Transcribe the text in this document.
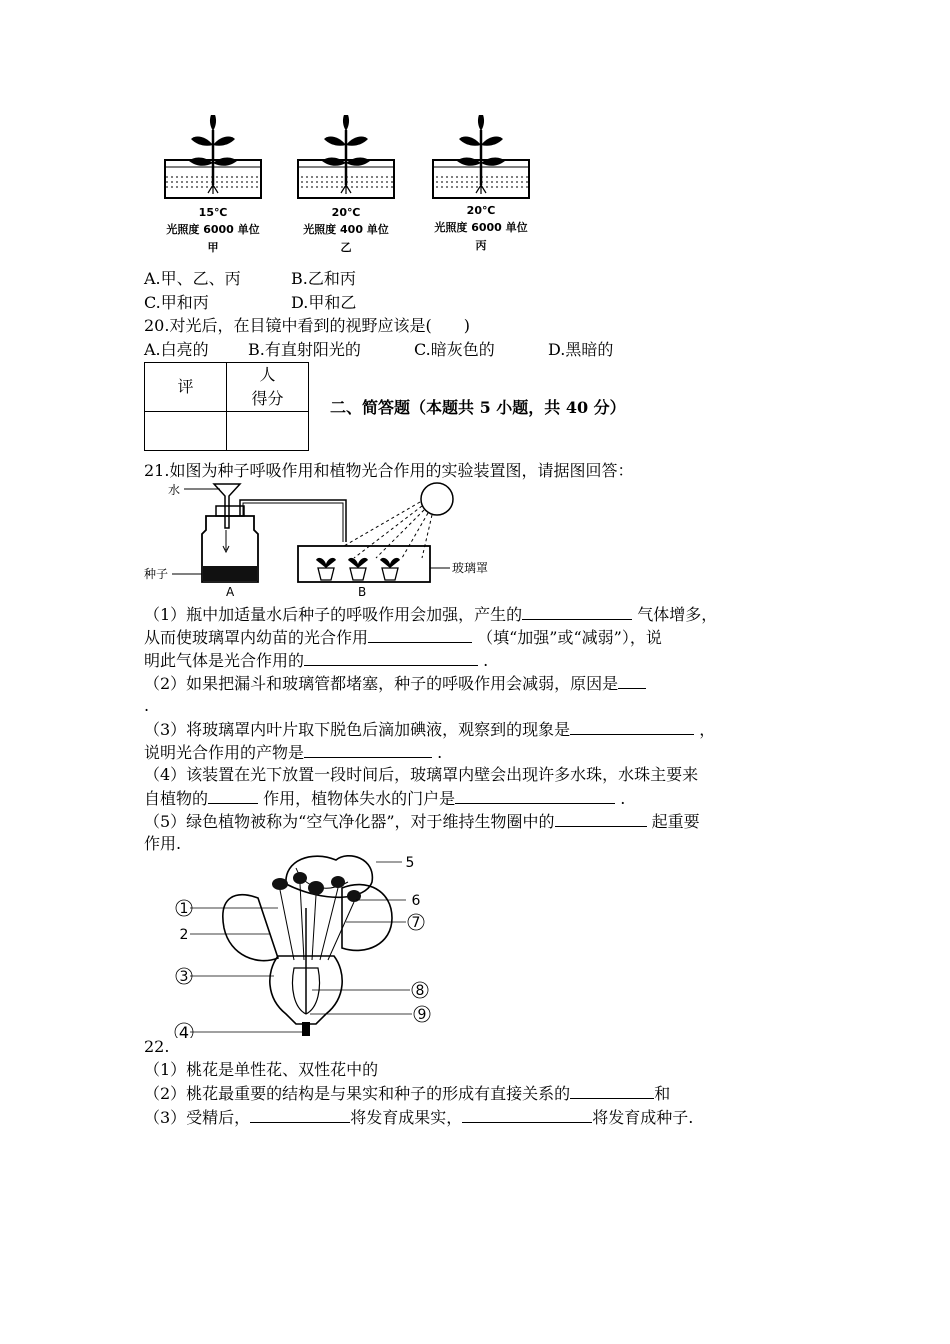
15℃
光照度 6000 单位
甲
20℃
光照度 400 单位
乙
20℃
光照度 6000 单位
丙
A.甲、乙、丙	B.乙和丙
C.甲和丙	D.甲和乙
20.对光后，在目镜中看到的视野应该是(　　)
A.白亮的 B.有直射阳光的	C.暗灰色的	D.黑暗的
评	人
得分

		二、简答题（本题共 5 小题，共 40 分）
21.如图为种子呼吸作用和植物光合作用的实验装置图，请据图回答：
水
种子	玻璃罩
A	B
（1）瓶中加适量水后种子的呼吸作用会加强，产生的	气体增多，
从而使玻璃罩内幼苗的光合作用	（填“加强”或“减弱”），说
明此气体是光合作用的	.
（2）如果把漏斗和玻璃管都堵塞，种子的呼吸作用会减弱，原因是
.
（3）将玻璃罩内叶片取下脱色后滴加碘液，观察到的现象是	，
说明光合作用的产物是	.
（4）该装置在光下放置一段时间后，玻璃罩内壁会出现许多水珠，水珠主要来
自植物的	作用，植物体失水的门户是	.
（5）绿色植物被称为“空气净化器”，对于维持生物圈中的	起重要
作用.
1
2
3
4
5
6
7
8
9
22.
（1）桃花是单性花、双性花中的
（2）桃花最重要的结构是与果实和种子的形成有直接关系的	和
（3）受精后，	将发育成果实，	将发育成种子.
